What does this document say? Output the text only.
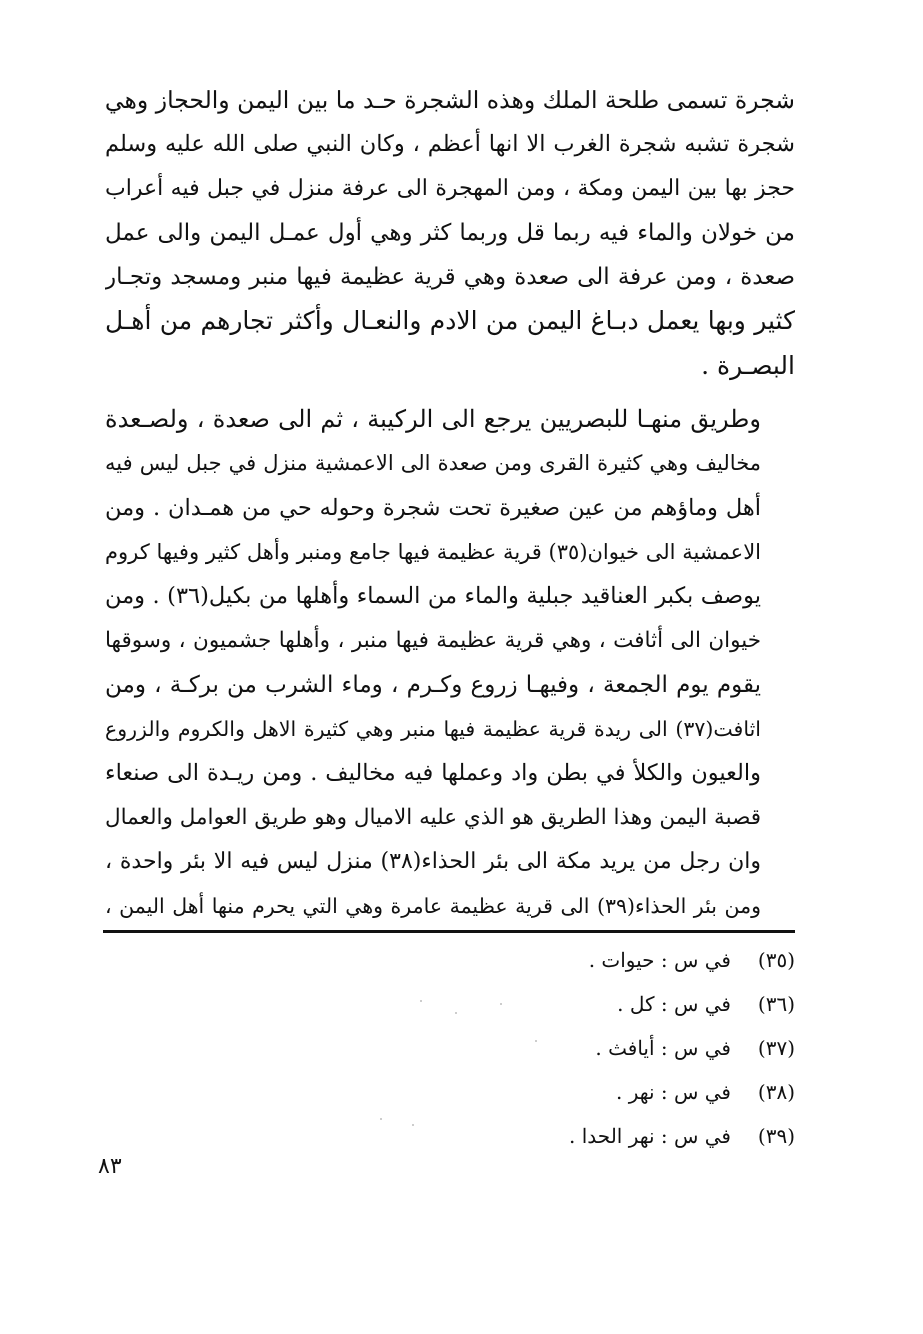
شجرة تسمى طلحة الملك وهذه الشجرة حـد ما بين اليمن والحجاز وهي
شجرة تشبه شجرة الغرب الا انها أعظم ، وكان النبي صلى الله عليه وسلم
حجز بها بين اليمن ومكة ، ومن المهجرة الى عرفة منزل في جبل فيه أعراب
من خولان والماء فيه ربما قل وربما كثر وهي أول عمـل اليمن والى عمل
صعدة ، ومن عرفة الى صعدة وهي قرية عظيمة فيها منبر ومسجد وتجـار
كثير وبها يعمل دبـاغ اليمن من الادم والنعـال وأكثر تجارهم من أهـل
البصـرة .
وطريق منهـا للبصريين يرجع الى الركيبة ، ثم الى صعدة ، ولصـعدة
مخاليف وهي كثيرة القرى ومن صعدة الى الاعمشية منزل في جبل ليس فيه
أهل وماؤهم من عين صغيرة تحت شجرة وحوله حي من همـدان . ومن
الاعمشية الى خيوان(٣٥) قرية عظيمة فيها جامع ومنبر وأهل كثير وفيها كروم
يوصف بكبر العناقيد جبلية والماء من السماء وأهلها من بكيل(٣٦) . ومن
خيوان الى أثافت ، وهي قرية عظيمة فيها منبر ، وأهلها جشميون ، وسوقها
يقوم يوم الجمعة ، وفيهـا زروع وكـرم ، وماء الشرب من بركـة ، ومن
اثافت(٣٧) الى ريدة قرية عظيمة فيها منبر وهي كثيرة الاهل والكروم والزروع
والعيون والكلأ في بطن واد وعملها فيه مخاليف . ومن ريـدة الى صنعاء
قصبة اليمن وهذا الطريق هو الذي عليه الاميال وهو طريق العوامل والعمال
وان رجل من يريد مكة الى بئر الحذاء(٣٨) منزل ليس فيه الا بئر واحدة ،
ومن بئر الحذاء(٣٩) الى قرية عظيمة عامرة وهي التي يحرم منها أهل اليمن ،
(٣٥)
في س : حيوات .
(٣٦)
في س : كل .
(٣٧)
في س : أيافث .
(٣٨)
في س : نهر .
(٣٩)
في س : نهر الحدا .
٨٣
